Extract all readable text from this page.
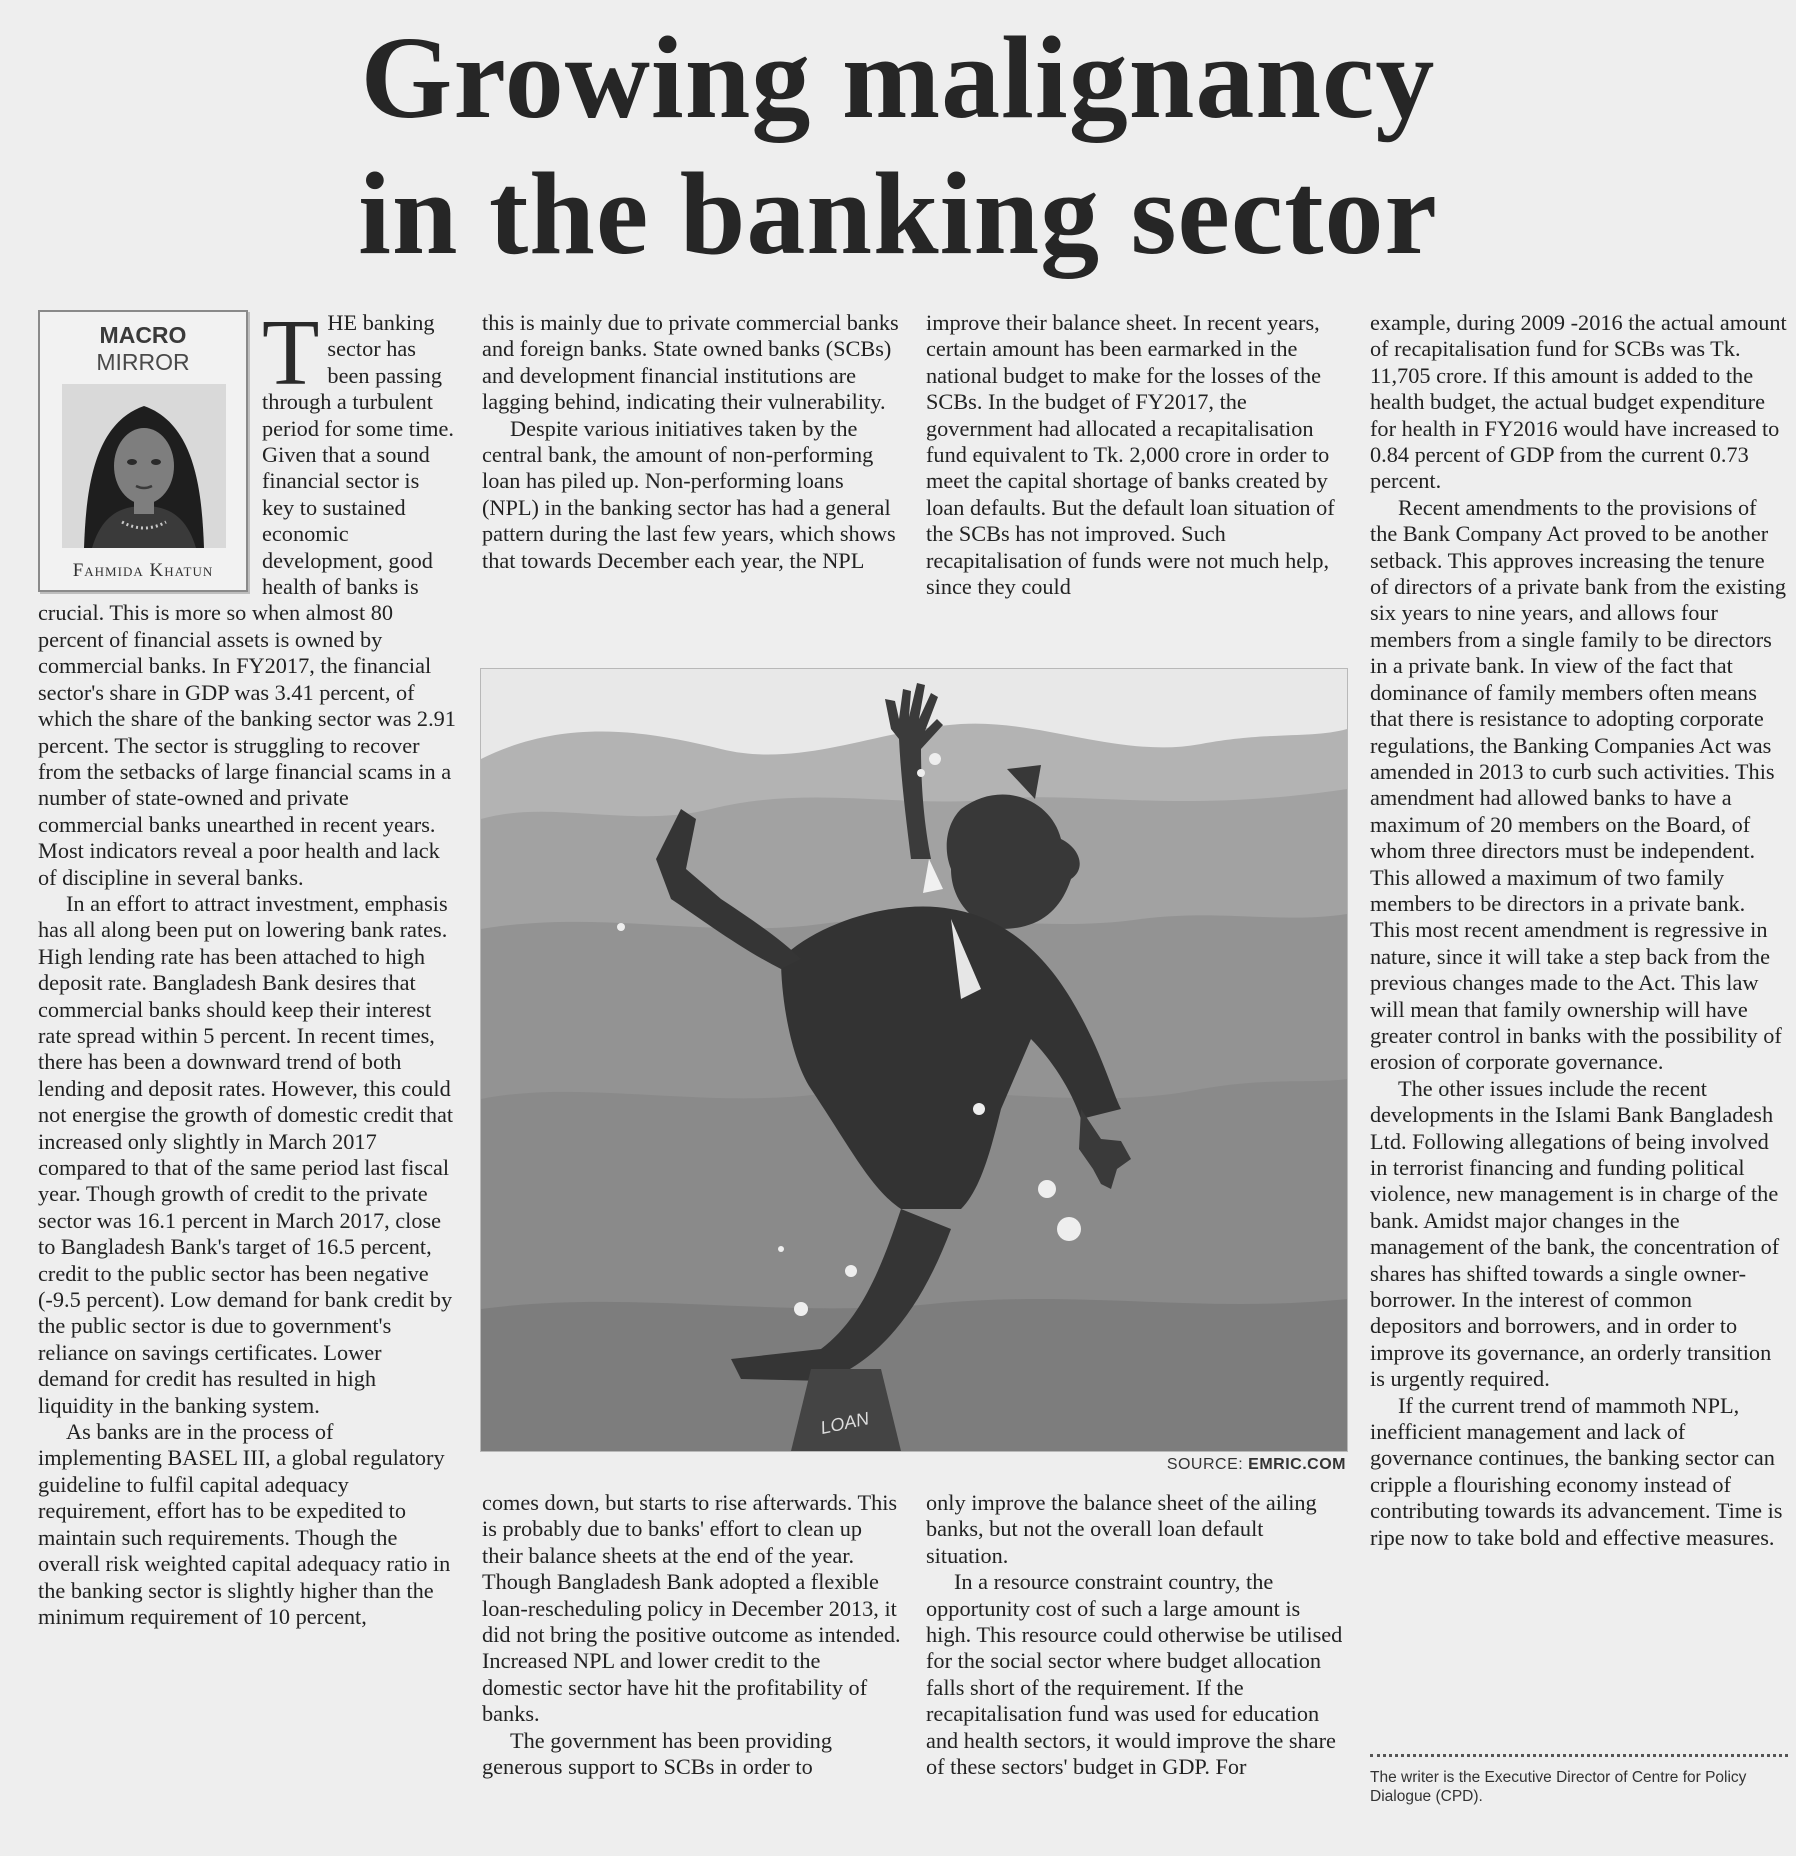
Growing malignancy
in the banking sector
MACRO
MIRROR
Fahmida Khatun

THE banking sector has been passing through a turbulent period for some time. Given that a sound financial sector is key to sustained economic development, good health of banks is crucial. This is more so when almost 80 percent of financial assets is owned by commercial banks. In FY2017, the financial sector's share in GDP was 3.41 percent, of which the share of the banking sector was 2.91 percent. The sector is struggling to recover from the setbacks of large financial scams in a number of state-owned and private commercial banks unearthed in recent years. Most indicators reveal a poor health and lack of discipline in several banks.

In an effort to attract investment, emphasis has all along been put on lowering bank rates. High lending rate has been attached to high deposit rate. Bangladesh Bank desires that commercial banks should keep their interest rate spread within 5 percent. In recent times, there has been a downward trend of both lending and deposit rates. However, this could not energise the growth of domestic credit that increased only slightly in March 2017 compared to that of the same period last fiscal year. Though growth of credit to the private sector was 16.1 percent in March 2017, close to Bangladesh Bank's target of 16.5 percent, credit to the public sector has been negative (-9.5 percent). Low demand for bank credit by the public sector is due to government's reliance on savings certificates. Lower demand for credit has resulted in high liquidity in the banking system.

As banks are in the process of implementing BASEL III, a global regulatory guideline to fulfil capital adequacy requirement, effort has to be expedited to maintain such requirements. Though the overall risk weighted capital adequacy ratio in the banking sector is slightly higher than the minimum requirement of 10 percent,

this is mainly due to private commercial banks and foreign banks. State owned banks (SCBs) and development financial institutions are lagging behind, indicating their vulnerability.

Despite various initiatives taken by the central bank, the amount of non-performing loan has piled up. Non-performing loans (NPL) in the banking sector has had a general pattern during the last few years, which shows that towards December each year, the NPL

improve their balance sheet. In recent years, certain amount has been earmarked in the national budget to make for the losses of the SCBs. In the budget of FY2017, the government had allocated a recapitalisation fund equivalent to Tk. 2,000 crore in order to meet the capital shortage of banks created by loan defaults. But the default loan situation of the SCBs has not improved. Such recapitalisation of funds were not much help, since they could

LOAN
SOURCE: EMRIC.COM

comes down, but starts to rise afterwards. This is probably due to banks' effort to clean up their balance sheets at the end of the year. Though Bangladesh Bank adopted a flexible loan-rescheduling policy in December 2013, it did not bring the positive outcome as intended. Increased NPL and lower credit to the domestic sector have hit the profitability of banks.

The government has been providing generous support to SCBs in order to

only improve the balance sheet of the ailing banks, but not the overall loan default situation.

In a resource constraint country, the opportunity cost of such a large amount is high. This resource could otherwise be utilised for the social sector where budget allocation falls short of the requirement. If the recapitalisation fund was used for education and health sectors, it would improve the share of these sectors' budget in GDP. For

example, during 2009 -2016 the actual amount of recapitalisation fund for SCBs was Tk. 11,705 crore. If this amount is added to the health budget, the actual budget expenditure for health in FY2016 would have increased to 0.84 percent of GDP from the current 0.73 percent.

Recent amendments to the provisions of the Bank Company Act proved to be another setback. This approves increasing the tenure of directors of a private bank from the existing six years to nine years, and allows four members from a single family to be directors in a private bank. In view of the fact that dominance of family members often means that there is resistance to adopting corporate regulations, the Banking Companies Act was amended in 2013 to curb such activities. This amendment had allowed banks to have a maximum of 20 members on the Board, of whom three directors must be independent. This allowed a maximum of two family members to be directors in a private bank. This most recent amendment is regressive in nature, since it will take a step back from the previous changes made to the Act. This law will mean that family ownership will have greater control in banks with the possibility of erosion of corporate governance.

The other issues include the recent developments in the Islami Bank Bangladesh Ltd. Following allegations of being involved in terrorist financing and funding political violence, new management is in charge of the bank. Amidst major changes in the management of the bank, the concentration of shares has shifted towards a single owner-borrower. In the interest of common depositors and borrowers, and in order to improve its governance, an orderly transition is urgently required.

If the current trend of mammoth NPL, inefficient management and lack of governance continues, the banking sector can cripple a flourishing economy instead of contributing towards its advancement. Time is ripe now to take bold and effective measures.

The writer is the Executive Director of Centre for Policy Dialogue (CPD).
